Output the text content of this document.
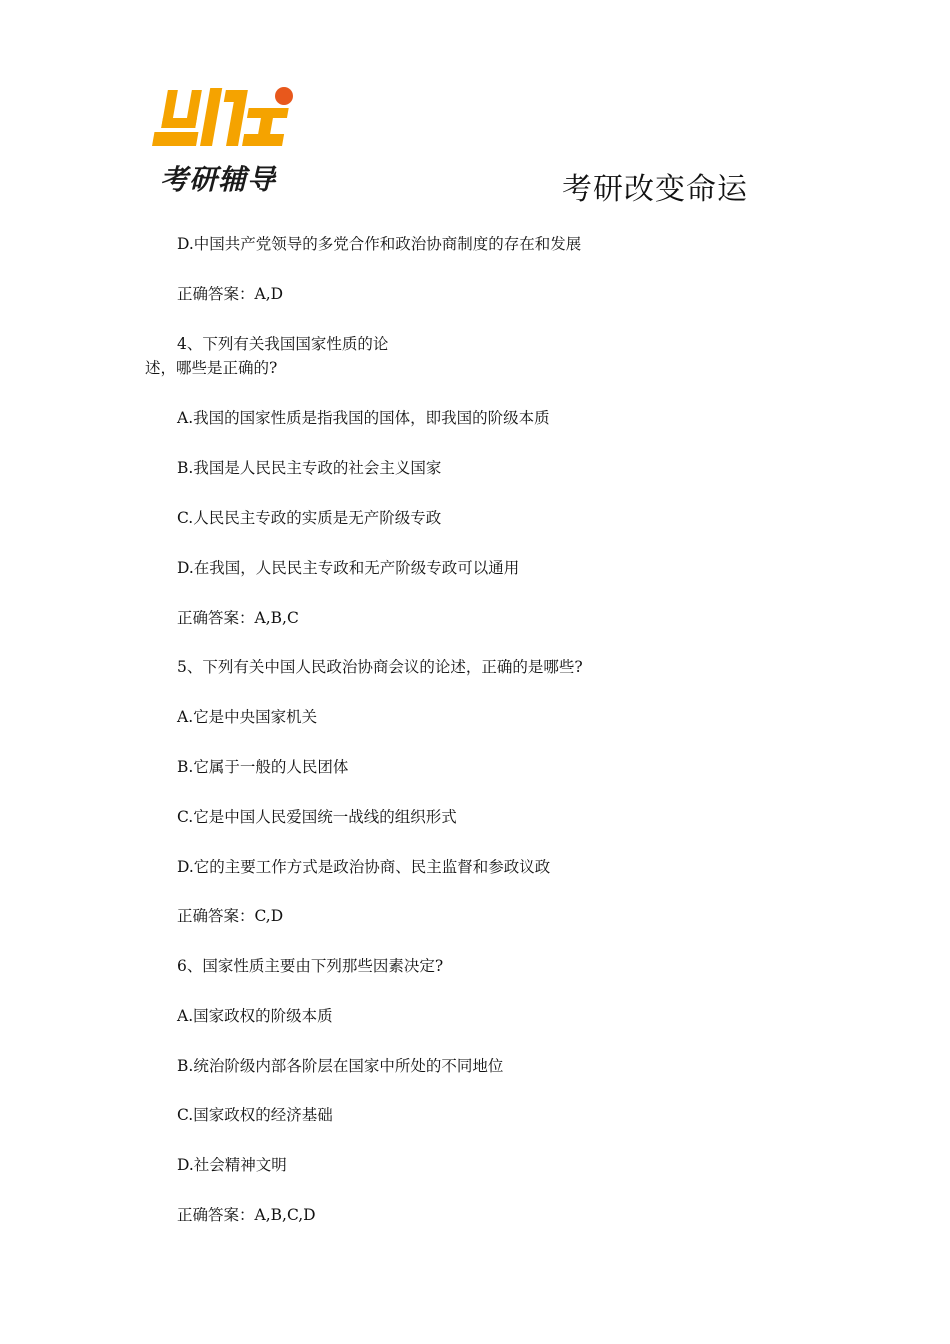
考研辅导	考研改变命运
D.中国共产党领导的多党合作和政治协商制度的存在和发展
正确答案：A,D
4、下列有关我国国家性质的论
述，哪些是正确的?
A.我国的国家性质是指我国的国体，即我国的阶级本质
B.我国是人民民主专政的社会主义国家
C.人民民主专政的实质是无产阶级专政
D.在我国，人民民主专政和无产阶级专政可以通用
正确答案：A,B,C
5、下列有关中国人民政治协商会议的论述，正确的是哪些?
A.它是中央国家机关
B.它属于一般的人民团体
C.它是中国人民爱国统一战线的组织形式
D.它的主要工作方式是政治协商、民主监督和参政议政
正确答案：C,D
6、国家性质主要由下列那些因素决定?
A.国家政权的阶级本质
B.统治阶级内部各阶层在国家中所处的不同地位
C.国家政权的经济基础
D.社会精神文明
正确答案：A,B,C,D
